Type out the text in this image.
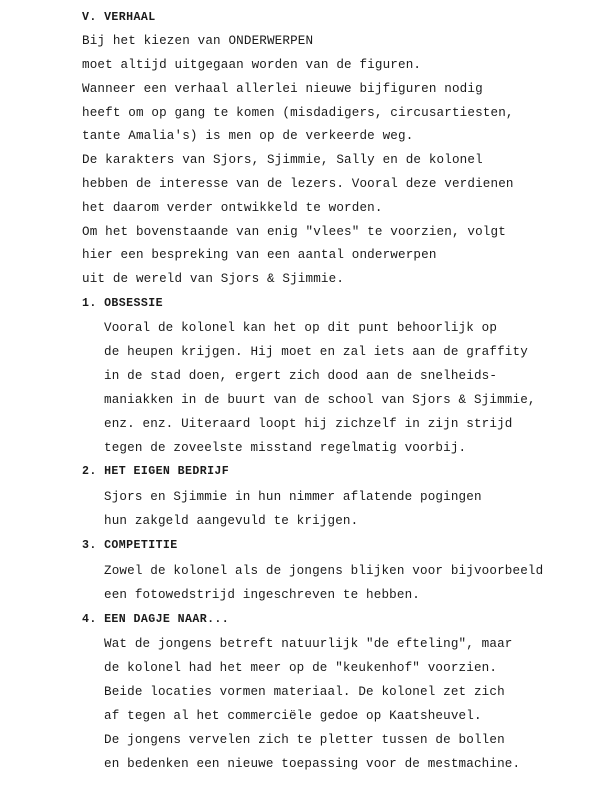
V. VERHAAL
Bij het kiezen van ONDERWERPEN
moet altijd uitgegaan worden van de figuren.
Wanneer een verhaal allerlei nieuwe bijfiguren nodig
heeft om op gang te komen (misdadigers, circusartiesten,
tante Amalia's) is men op de verkeerde weg.
De karakters van Sjors, Sjimmie, Sally en de kolonel
hebben de interesse van de lezers. Vooral deze verdienen
het daarom verder ontwikkeld te worden.
Om het bovenstaande van enig "vlees" te voorzien, volgt
hier een bespreking van een aantal onderwerpen
uit de wereld van Sjors & Sjimmie.
1. OBSESSIE
Vooral de kolonel kan het op dit punt behoorlijk op
de heupen krijgen. Hij moet en zal iets aan de graffity
in de stad doen, ergert zich dood aan de snelheids-
maniakken in de buurt van de school van Sjors & Sjimmie,
enz. enz. Uiteraard loopt hij zichzelf in zijn strijd
tegen de zoveelste misstand regelmatig voorbij.
2. HET EIGEN BEDRIJF
Sjors en Sjimmie in hun nimmer aflatende pogingen
hun zakgeld aangevuld te krijgen.
3. COMPETITIE
Zowel de kolonel als de jongens blijken voor bijvoorbeeld
een fotowedstrijd ingeschreven te hebben.
4. EEN DAGJE NAAR...
Wat de jongens betreft natuurlijk "de efteling", maar
de kolonel had het meer op de "keukenhof" voorzien.
Beide locaties vormen materiaal. De kolonel zet zich
af tegen al het commerciële gedoe op Kaatsheuvel.
De jongens vervelen zich te pletter tussen de bollen
en bedenken een nieuwe toepassing voor de mestmachine.
